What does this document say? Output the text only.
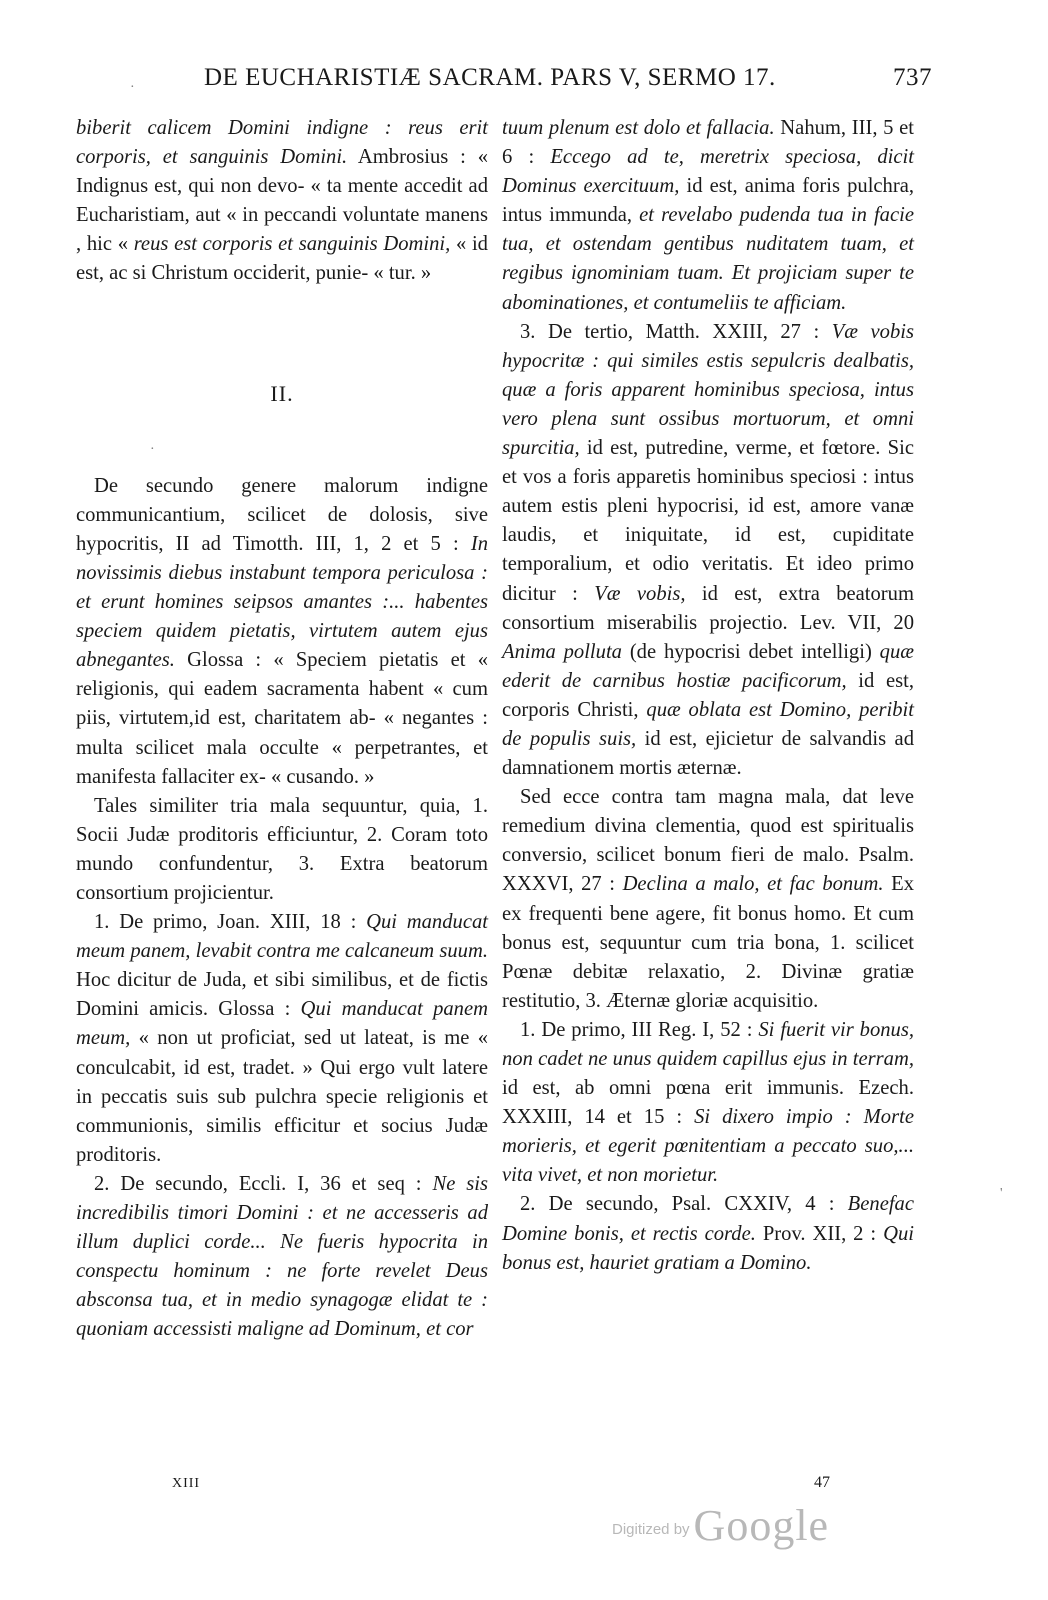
DE EUCHARISTIÆ SACRAM. PARS V, SERMO 17.	737

biberit calicem Domini indigne : reus erit corporis, et sanguinis Domini. Ambrosius : « Indignus est, qui non devo- « ta mente accedit ad Eucharistiam, aut « in peccandi voluntate manens , hic « reus est corporis et sanguinis Domini, « id est, ac si Christum occiderit, punie- « tur. »

II.

De secundo genere malorum indigne communicantium, scilicet de dolosis, sive hypocritis, II ad Timotth. III, 1, 2 et 5 : In novissimis diebus instabunt tempora periculosa : et erunt homines seipsos amantes :... habentes speciem quidem pietatis, virtutem autem ejus abnegantes. Glossa : « Speciem pietatis et « religionis, qui eadem sacramenta habent « cum piis, virtutem,id est, charitatem ab- « negantes : multa scilicet mala occulte « perpetrantes, et manifesta fallaciter ex- « cusando. »

Tales similiter tria mala sequuntur, quia, 1. Socii Judæ proditoris efficiuntur, 2. Coram toto mundo confundentur, 3. Extra beatorum consortium projicientur.

1. De primo, Joan. XIII, 18 : Qui manducat meum panem, levabit contra me calcaneum suum. Hoc dicitur de Juda, et sibi similibus, et de fictis Domini amicis. Glossa : Qui manducat panem meum, « non ut proficiat, sed ut lateat, is me « conculcabit, id est, tradet. » Qui ergo vult latere in peccatis suis sub pulchra specie religionis et communionis, similis efficitur et socius Judæ proditoris.

2. De secundo, Eccli. I, 36 et seq : Ne sis incredibilis timori Domini : et ne accesseris ad illum duplici corde... Ne fueris hypocrita in conspectu hominum : ne forte revelet Deus absconsa tua, et in medio synagogæ elidat te : quoniam accessisti maligne ad Dominum, et cor

tuum plenum est dolo et fallacia. Nahum, III, 5 et 6 : Eccego ad te, meretrix speciosa, dicit Dominus exercituum, id est, anima foris pulchra, intus immunda, et revelabo pudenda tua in facie tua, et ostendam gentibus nuditatem tuam, et regibus ignominiam tuam. Et projiciam super te abominationes, et contumeliis te afficiam.

3. De tertio, Matth. XXIII, 27 : Væ vobis hypocritæ : qui similes estis sepulcris dealbatis, quæ a foris apparent hominibus speciosa, intus vero plena sunt ossibus mortuorum, et omni spurcitia, id est, putredine, verme, et fœtore. Sic et vos a foris apparetis hominibus speciosi : intus autem estis pleni hypocrisi, id est, amore vanæ laudis, et iniquitate, id est, cupiditate temporalium, et odio veritatis. Et ideo primo dicitur : Væ vobis, id est, extra beatorum consortium miserabilis projectio. Lev. VII, 20 Anima polluta (de hypocrisi debet intelligi) quæ ederit de carnibus hostiæ pacificorum, id est, corporis Christi, quæ oblata est Domino, peribit de populis suis, id est, ejicietur de salvandis ad damnationem mortis æternæ.

Sed ecce contra tam magna mala, dat leve remedium divina clementia, quod est spiritualis conversio, scilicet bonum fieri de malo. Psalm. XXXVI, 27 : Declina a malo, et fac bonum. Ex ex frequenti bene agere, fit bonus homo. Et cum bonus est, sequuntur cum tria bona, 1. scilicet Pœnæ debitæ relaxatio, 2. Divinæ gratiæ restitutio, 3. Æternæ gloriæ acquisitio.

1. De primo, III Reg. I, 52 : Si fuerit vir bonus, non cadet ne unus quidem capillus ejus in terram, id est, ab omni pœna erit immunis. Ezech. XXXIII, 14 et 15 : Si dixero impio : Morte morieris, et egerit pœnitentiam a peccato suo,... vita vivet, et non morietur.

2. De secundo, Psal. CXXIV, 4 : Benefac Domine bonis, et rectis corde. Prov. XII, 2 : Qui bonus est, hauriet gratiam a Domino.

XIII	47
Digitized by Google
·
·
'
